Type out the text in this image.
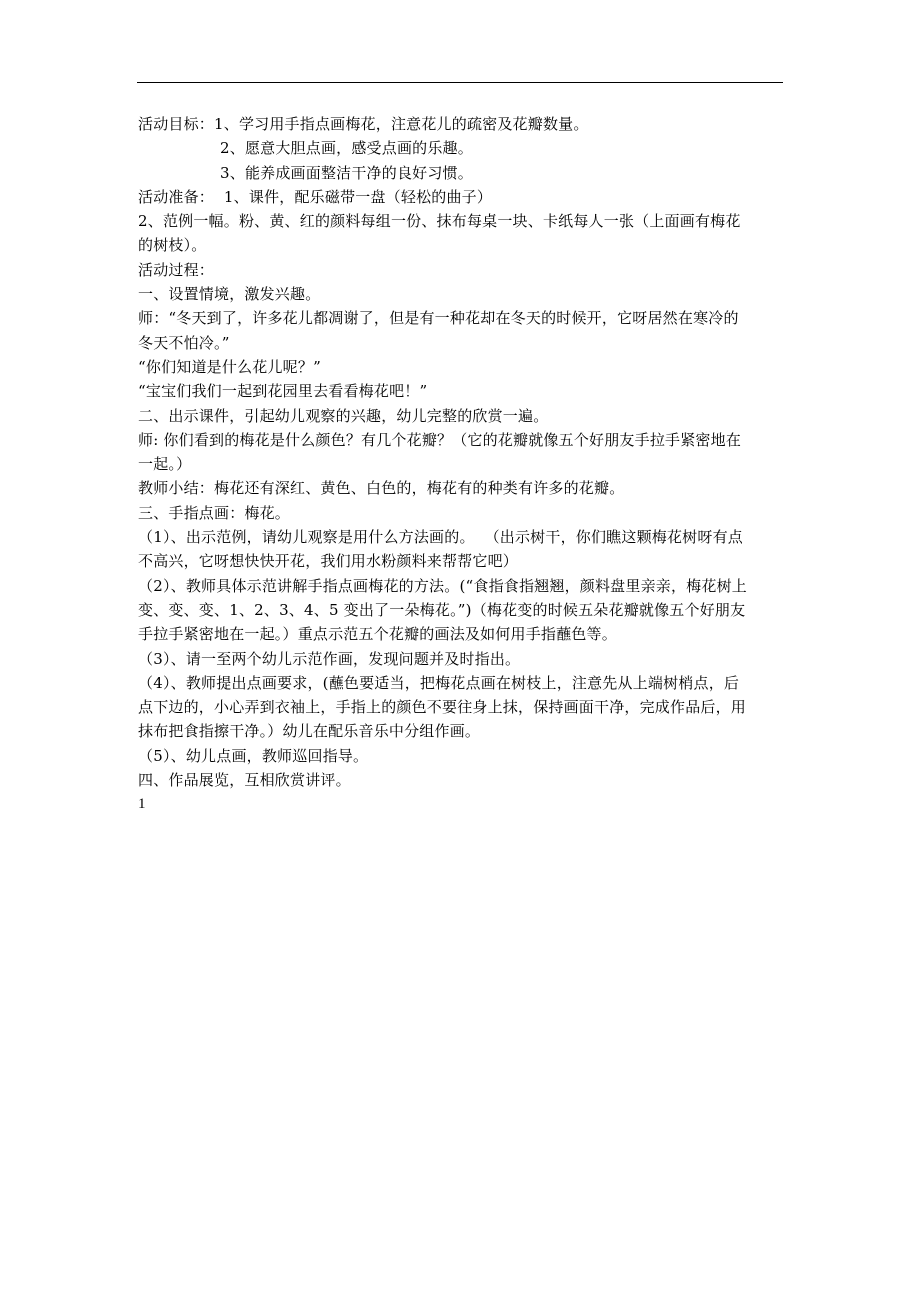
活动目标：1、学习用手指点画梅花，注意花儿的疏密及花瓣数量。
2、愿意大胆点画，感受点画的乐趣。
3、能养成画面整洁干净的良好习惯。
活动准备：  1、课件，配乐磁带一盘（轻松的曲子）
2、范例一幅。粉、黄、红的颜料每组一份、抹布每桌一块、卡纸每人一张（上面画有梅花
的树枝）。
活动过程：
一、设置情境，激发兴趣。
师：“冬天到了，许多花儿都凋谢了，但是有一种花却在冬天的时候开，它呀居然在寒冷的
冬天不怕冷。”
“你们知道是什么花儿呢？”
“宝宝们我们一起到花园里去看看梅花吧！”
二、出示课件，引起幼儿观察的兴趣，幼儿完整的欣赏一遍。
师: 你们看到的梅花是什么颜色？有几个花瓣？（它的花瓣就像五个好朋友手拉手紧密地在
一起。）
教师小结：梅花还有深红、黄色、白色的，梅花有的种类有许多的花瓣。
三、手指点画：梅花。
（1）、出示范例，请幼儿观察是用什么方法画的。  （出示树干，你们瞧这颗梅花树呀有点
不高兴，它呀想快快开花，我们用水粉颜料来帮帮它吧）
（2）、教师具体示范讲解手指点画梅花的方法。(“食指食指翘翘，颜料盘里亲亲，梅花树上
变、变、变、1、2、3、4、5 变出了一朵梅花。”)（梅花变的时候五朵花瓣就像五个好朋友
手拉手紧密地在一起。）重点示范五个花瓣的画法及如何用手指蘸色等。
（3）、请一至两个幼儿示范作画，发现问题并及时指出。
（4）、教师提出点画要求，(蘸色要适当，把梅花点画在树枝上，注意先从上端树梢点，后
点下边的，小心弄到衣袖上，手指上的颜色不要往身上抹，保持画面干净，完成作品后，用
抹布把食指擦干净。）幼儿在配乐音乐中分组作画。
（5）、幼儿点画，教师巡回指导。
四、作品展览，互相欣赏讲评。
1
